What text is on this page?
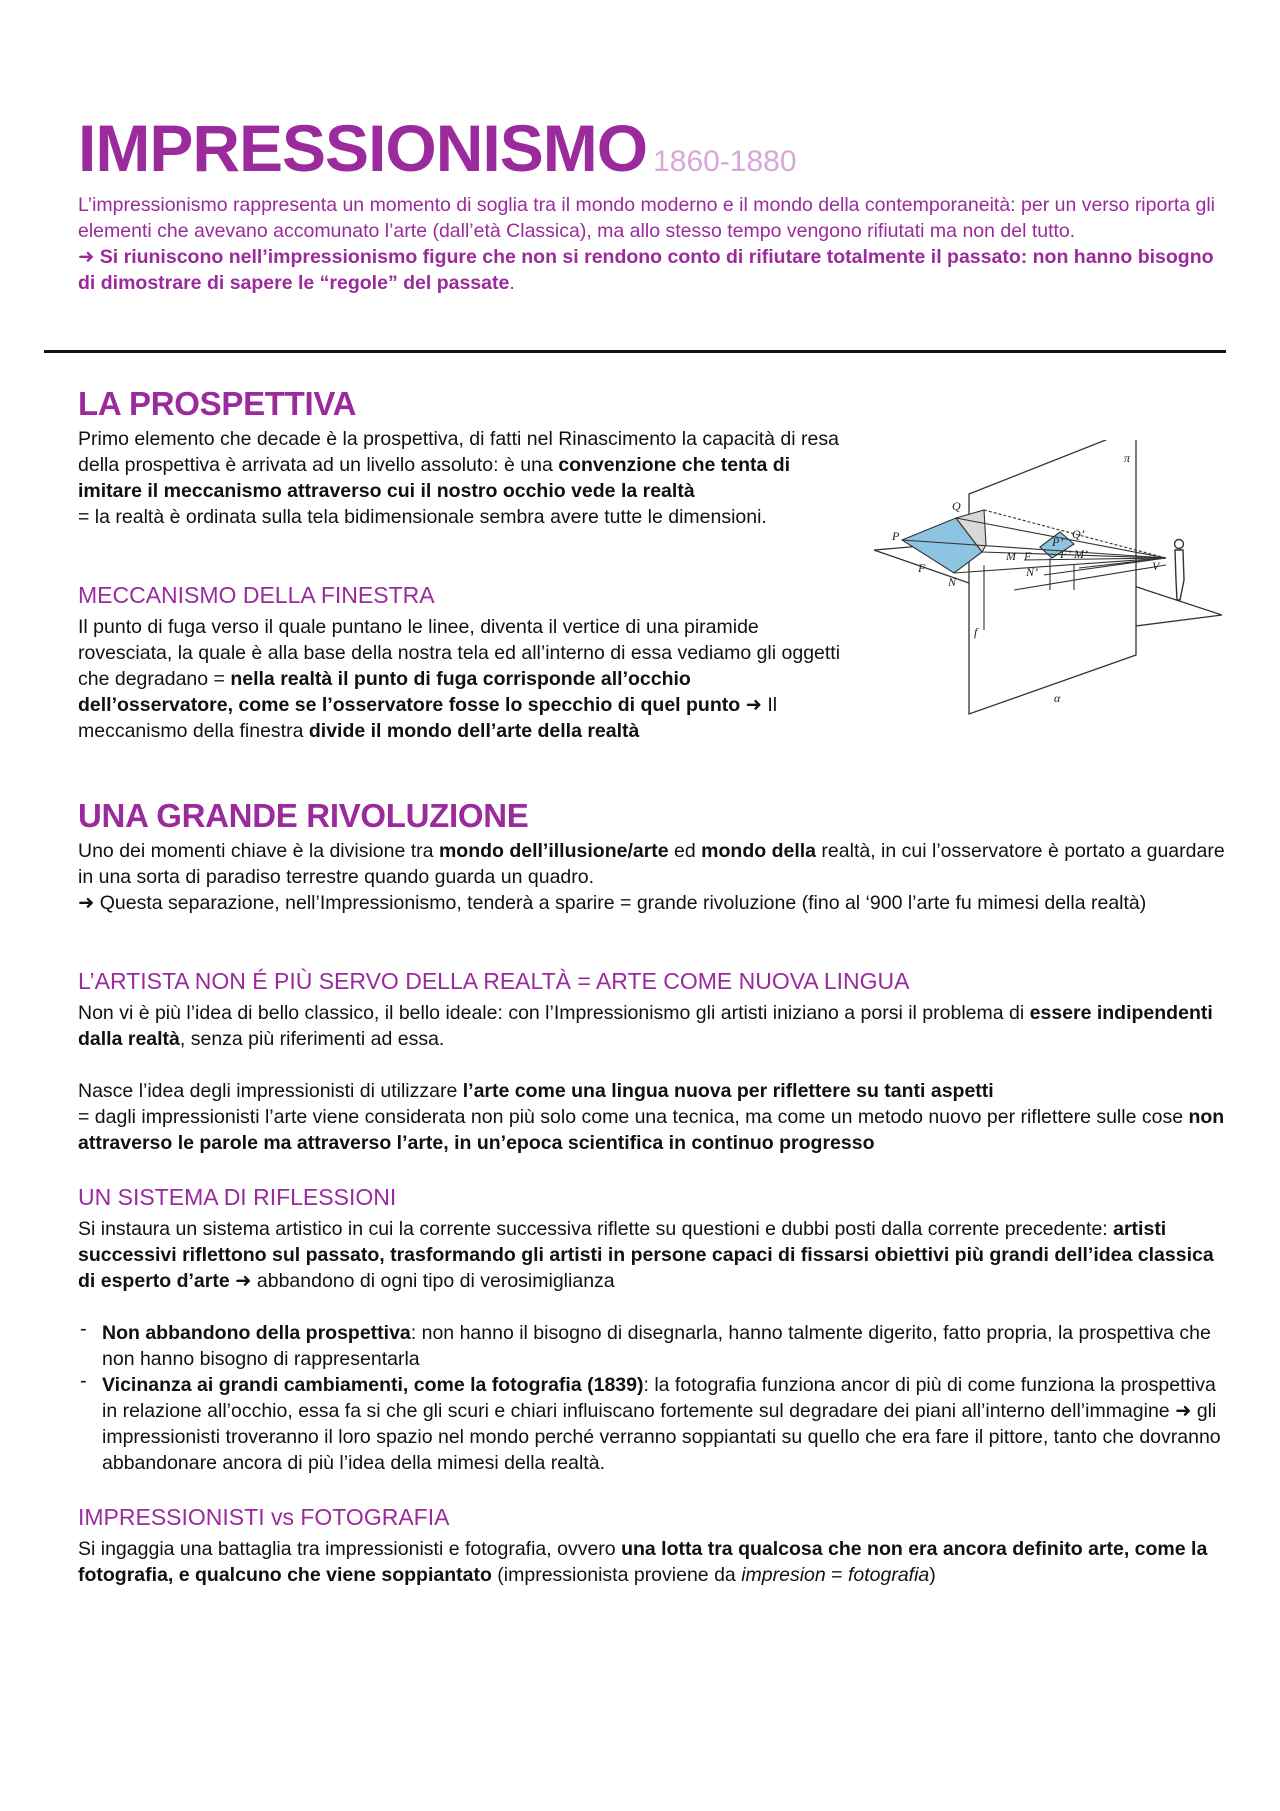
IMPRESSIONISMO 1860-1880

L’impressionismo rappresenta un momento di soglia tra il mondo moderno e il mondo della contemporaneità: per un verso riporta gli elementi che avevano accomunato l’arte (dall’età Classica), ma allo stesso tempo vengono rifiutati ma non del tutto.

➜ Si riuniscono nell’impressionismo figure che non si rendono conto di rifiutare totalmente il passato: non hanno bisogno di dimostrare di sapere le “regole” del passate.

LA PROSPETTIVA

Primo elemento che decade è la prospettiva, di fatti nel Rinascimento la capacità di resa della prospettiva è arrivata ad un livello assoluto: è una convenzione che tenta di imitare il meccanismo attraverso cui il nostro occhio vede la realtà

= la realtà è ordinata sulla tela bidimensionale sembra avere tutte le dimensioni.

MECCANISMO DELLA FINESTRA

Il punto di fuga verso il quale puntano le linee, diventa il vertice di una piramide rovesciata, la quale è alla base della nostra tela ed all’interno di essa vediamo gli oggetti che degradano = nella realtà il punto di fuga corrisponde all’occhio dell’osservatore, come se l’osservatore fosse lo specchio di quel punto ➜ Il meccanismo della finestra divide il mondo dell’arte della realtà

π
Q
Q’
P	P’
M F	M’
F’
N’
F
N
V
f
α
UNA GRANDE RIVOLUZIONE

Uno dei momenti chiave è la divisione tra mondo dell’illusione/arte ed mondo della realtà, in cui l’osservatore è portato a guardare in una sorta di paradiso terrestre quando guarda un quadro.

➜ Questa separazione, nell’Impressionismo, tenderà a sparire = grande rivoluzione (fino al ‘900 l’arte fu mimesi della realtà)

L’ARTISTA NON É PIÙ SERVO DELLA REALTÀ = ARTE COME NUOVA LINGUA

Non vi è più l’idea di bello classico, il bello ideale: con l’Impressionismo gli artisti iniziano a porsi il problema di essere indipendenti dalla realtà, senza più riferimenti ad essa.

Nasce l’idea degli impressionisti di utilizzare l’arte come una lingua nuova per riflettere su tanti aspetti

= dagli impressionisti l’arte viene considerata non più solo come una tecnica, ma come un metodo nuovo per riflettere sulle cose non attraverso le parole ma attraverso l’arte, in un’epoca scientifica in continuo progresso

UN SISTEMA DI RIFLESSIONI

Si instaura un sistema artistico in cui la corrente successiva riflette su questioni e dubbi posti dalla corrente precedente: artisti successivi riflettono sul passato, trasformando gli artisti in persone capaci di fissarsi obiettivi più grandi dell’idea classica di esperto d’arte ➜ abbandono di ogni tipo di verosimiglianza

- Non abbandono della prospettiva: non hanno il bisogno di disegnarla, hanno talmente digerito, fatto propria, la prospettiva che non hanno bisogno di rappresentarla
- Vicinanza ai grandi cambiamenti, come la fotografia (1839): la fotografia funziona ancor di più di come funziona la prospettiva in relazione all’occhio, essa fa si che gli scuri e chiari influiscano fortemente sul degradare dei piani all’interno dell’immagine ➜ gli impressionisti troveranno il loro spazio nel mondo perché verranno soppiantati su quello che era fare il pittore, tanto che dovranno abbandonare ancora di più l’idea della mimesi della realtà.
IMPRESSIONISTI vs FOTOGRAFIA

Si ingaggia una battaglia tra impressionisti e fotografia, ovvero una lotta tra qualcosa che non era ancora definito arte, come la fotografia, e qualcuno che viene soppiantato (impressionista proviene da impresion = fotografia)
